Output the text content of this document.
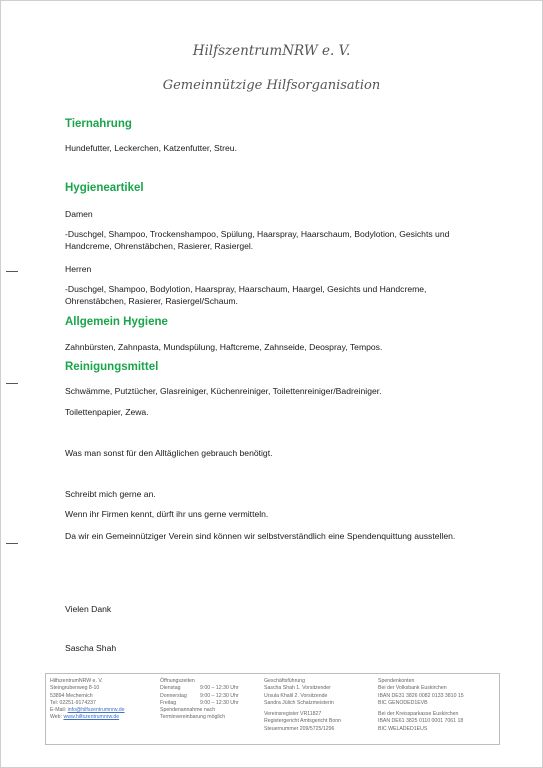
HilfszentrumNRW e. V.
Gemeinnützige Hilfsorganisation
Tiernahrung
Hundefutter, Leckerchen, Katzenfutter, Streu.
Hygieneartikel
Damen
-Duschgel, Shampoo, Trockenshampoo, Spülung, Haarspray, Haarschaum, Bodylotion, Gesichts und Handcreme, Ohrenstäbchen, Rasierer, Rasiergel.
Herren
-Duschgel, Shampoo, Bodylotion, Haarspray, Haarschaum, Haargel, Gesichts und Handcreme, Ohrenstäbchen, Rasierer, Rasiergel/Schaum.
Allgemein Hygiene
Zahnbürsten, Zahnpasta, Mundspülung, Haftcreme, Zahnseide, Deospray, Tempos.
Reinigungsmittel
Schwämme, Putztücher, Glasreiniger, Küchenreiniger, Toilettenreiniger/Badreiniger.
Toilettenpapier, Zewa.
Was man sonst für den Alltäglichen gebrauch benötigt.
Schreibt mich gerne an.
Wenn ihr Firmen kennt, dürft ihr uns gerne vermitteln.
Da wir ein Gemeinnütziger Verein sind können wir selbstverständlich eine Spendenquittung ausstellen.
Vielen Dank
Sascha Shah
HilfszentrumNRW e. V.
Steingrubenweg 8-10
53894 Mechernich
Tel: 02251-9174237
E-Mail: info@hilfszentrumnrw.de
Web: www.hilfszentrumnrw.de
Öffnungszeiten
Dienstag	9:00 – 12:30 Uhr
Donnerstag	9:00 – 12:30 Uhr
Freitag	9:00 – 12:30 Uhr
Spendenannahme nach
Terminvereinbarung möglich
Geschäftsführung
Sascha Shah 1. Vorsitzender
Ursula Khalil 2. Vorsitzende
Sandra Jülich Schatzmeisterin
Vereinsregister VR11827
Registergericht Amtsgericht Bonn
Steuernummer 209/5725/1296
Spendenkonten
Bei der Volksbank Euskirchen
IBAN DE31 3826 0082 0133 3810 15
BIC GENODED1EVB
Bei der Kreissparkasse Euskirchen
IBAN DE61 3825 0110 0001 7061 18
BIC WELADED1EUS
